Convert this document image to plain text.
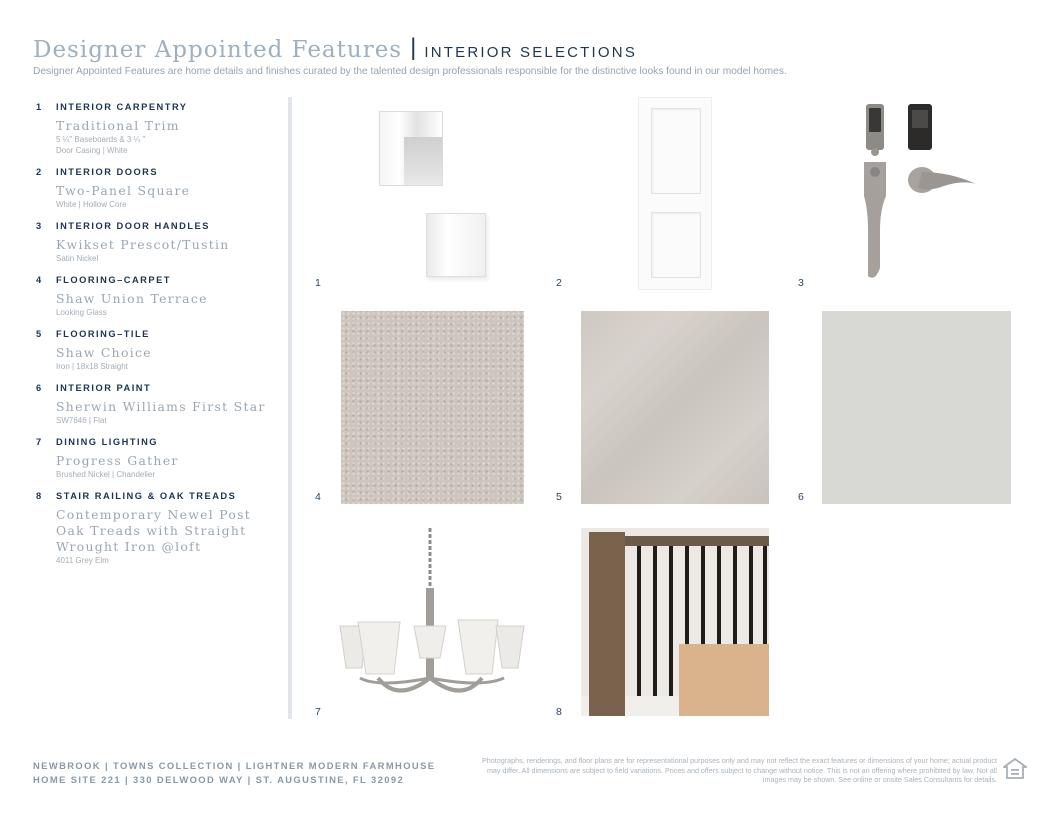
Designer Appointed Features | INTERIOR SELECTIONS
Designer Appointed Features are home details and finishes curated by the talented design professionals responsible for the distinctive looks found in our model homes.
1	INTERIOR CARPENTRY
Traditional Trim
5 ¼" Baseboards & 3 ¼ "
Door Casing | White
2	INTERIOR DOORS
Two-Panel Square
White | Hollow Core
3	INTERIOR DOOR HANDLES
Kwikset Prescot/Tustin
Satin Nickel
4	FLOORING–CARPET
Shaw Union Terrace
Looking Glass
5	FLOORING–TILE
Shaw Choice
Iron | 18x18 Straight
6	INTERIOR PAINT
Sherwin Williams First Star
SW7646 | Flat
7	DINING LIGHTING
Progress Gather
Brushed Nickel | Chandelier
8	STAIR RAILING & OAK TREADS
Contemporary Newel Post Oak Treads with Straight Wrought Iron @loft
4011 Grey Elm
1	2	3
4	5	6
7	8
NEWBROOK | TOWNS COLLECTION | LIGHTNER MODERN FARMHOUSE
HOME SITE 221 | 330 DELWOOD WAY | ST. AUGUSTINE, FL 32092
Photographs, renderings, and floor plans are for representational purposes only and may not reflect the exact features or dimensions of your home; actual product may differ. All dimensions are subject to field variations. Prices and offers subject to change without notice. This is not an offering where prohibited by law. Not all images may be shown. See online or onsite Sales Consultants for details.
